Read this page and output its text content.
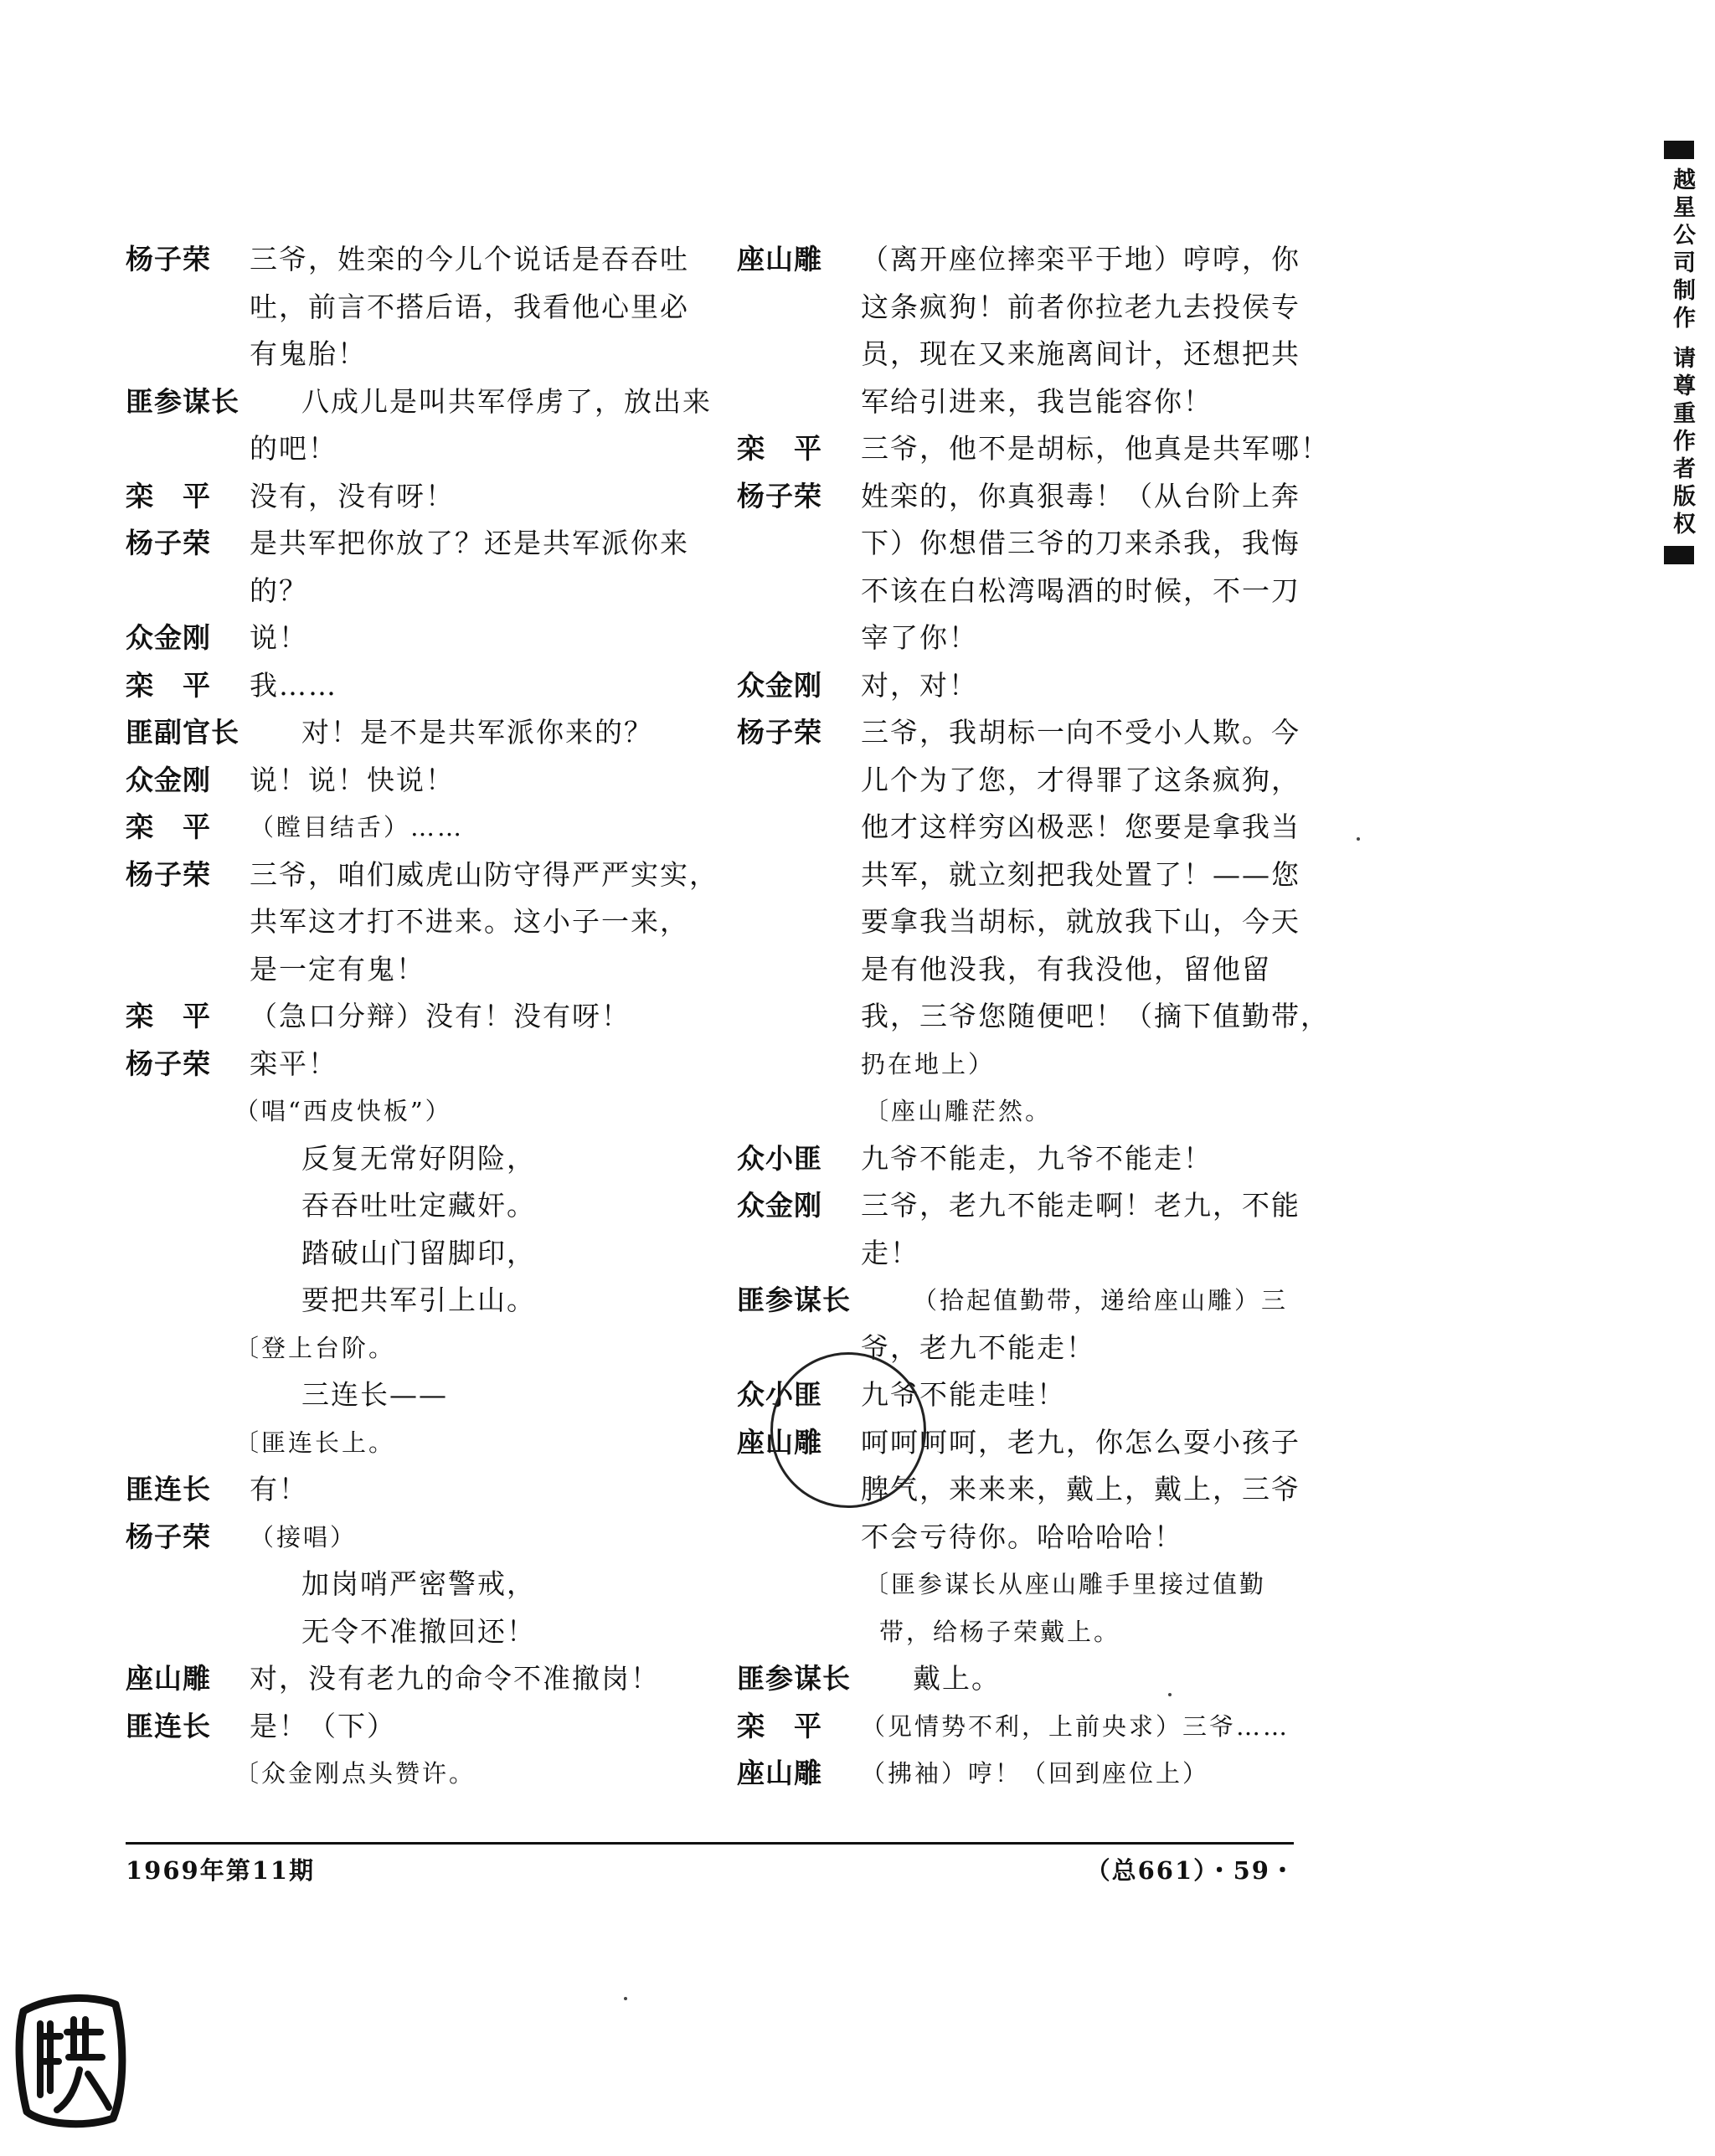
杨子荣	三爷，姓栾的今儿个说话是吞吞吐
吐，前言不搭后语，我看他心里必
有鬼胎！
匪参谋长	八成儿是叫共军俘虏了，放出来
的吧！
栾　平	没有，没有呀！
杨子荣	是共军把你放了？还是共军派你来
的？
众金刚	说！
栾　平	我……
匪副官长	对！是不是共军派你来的？
众金刚	说！说！快说！
栾　平	（瞠目结舌）……
杨子荣	三爷，咱们威虎山防守得严严实实，
共军这才打不进来。这小子一来，
是一定有鬼！
栾　平	（急口分辩）没有！没有呀！
杨子荣	栾平！
（唱“西皮快板”）
反复无常好阴险，
吞吞吐吐定藏奸。
踏破山门留脚印，
要把共军引上山。
〔登上台阶。
三连长——
〔匪连长上。
匪连长	有！
杨子荣	（接唱）
加岗哨严密警戒，
无令不准撤回还！
座山雕	对，没有老九的命令不准撤岗！
匪连长	是！（下）
〔众金刚点头赞许。
座山雕	（离开座位摔栾平于地）哼哼，你
这条疯狗！前者你拉老九去投侯专
员，现在又来施离间计，还想把共
军给引进来，我岂能容你！
栾　平	三爷，他不是胡标，他真是共军哪！
杨子荣	姓栾的，你真狠毒！（从台阶上奔
下）你想借三爷的刀来杀我，我悔
不该在白松湾喝酒的时候，不一刀
宰了你！
众金刚	对，对！
杨子荣	三爷，我胡标一向不受小人欺。今
儿个为了您，才得罪了这条疯狗，
他才这样穷凶极恶！您要是拿我当
共军，就立刻把我处置了！——您
要拿我当胡标，就放我下山，今天
是有他没我，有我没他，留他留
我，三爷您随便吧！（摘下值勤带，
扔在地上）
〔座山雕茫然。
众小匪	九爷不能走，九爷不能走！
众金刚	三爷，老九不能走啊！老九，不能
走！
匪参谋长	（拾起值勤带，递给座山雕）三
爷，老九不能走！
众小匪	九爷不能走哇！
座山雕	呵呵呵呵，老九，你怎么耍小孩子
脾气，来来来，戴上，戴上，三爷
不会亏待你。哈哈哈哈！
〔匪参谋长从座山雕手里接过值勤
带，给杨子荣戴上。
匪参谋长	戴上。
栾　平	（见情势不利，上前央求）三爷……
座山雕	（拂袖）哼！（回到座位上）
1969年第11期	（总661）・59・
越星公司制作 请尊重作者版权
